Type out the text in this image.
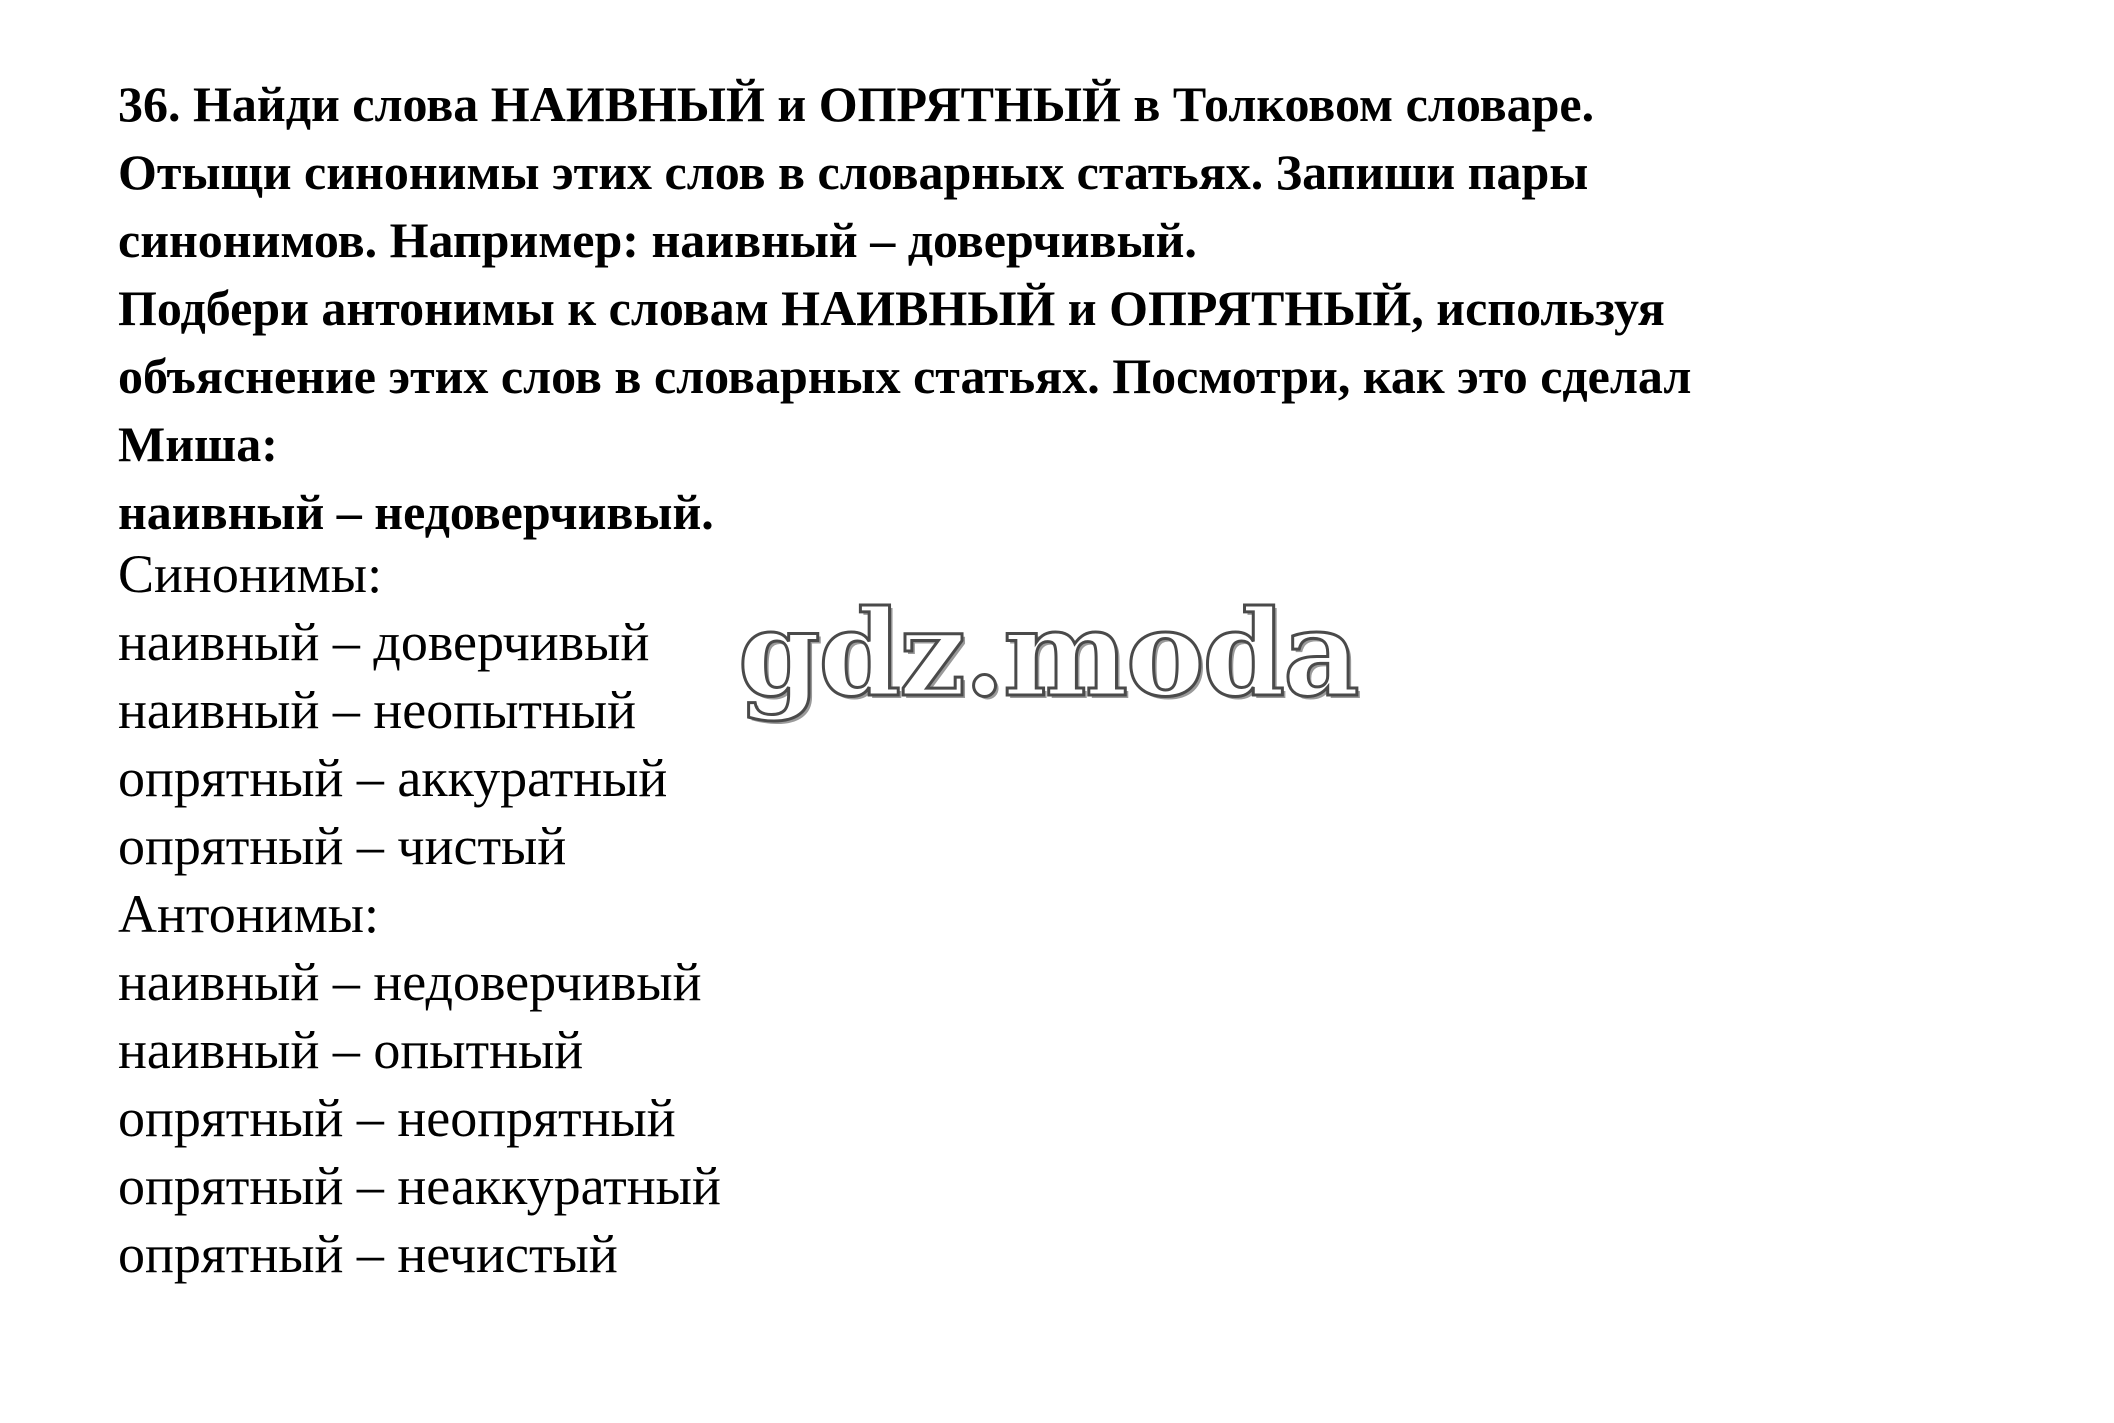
36. Найди слова НАИВНЫЙ и ОПРЯТНЫЙ в Толковом словаре.
Отыщи синонимы этих слов в словарных статьях. Запиши пары
синонимов. Например: наивный – доверчивый.
Подбери антонимы к словам НАИВНЫЙ и ОПРЯТНЫЙ, используя
объяснение этих слов в словарных статьях. Посмотри, как это сделал
Миша:
наивный – недоверчивый.
Синонимы:
наивный – доверчивый
наивный – неопытный
опрятный – аккуратный
опрятный – чистый
Антонимы:
наивный – недоверчивый
наивный – опытный
опрятный – неопрятный
опрятный – неаккуратный
опрятный – нечистый
gdz.moda
